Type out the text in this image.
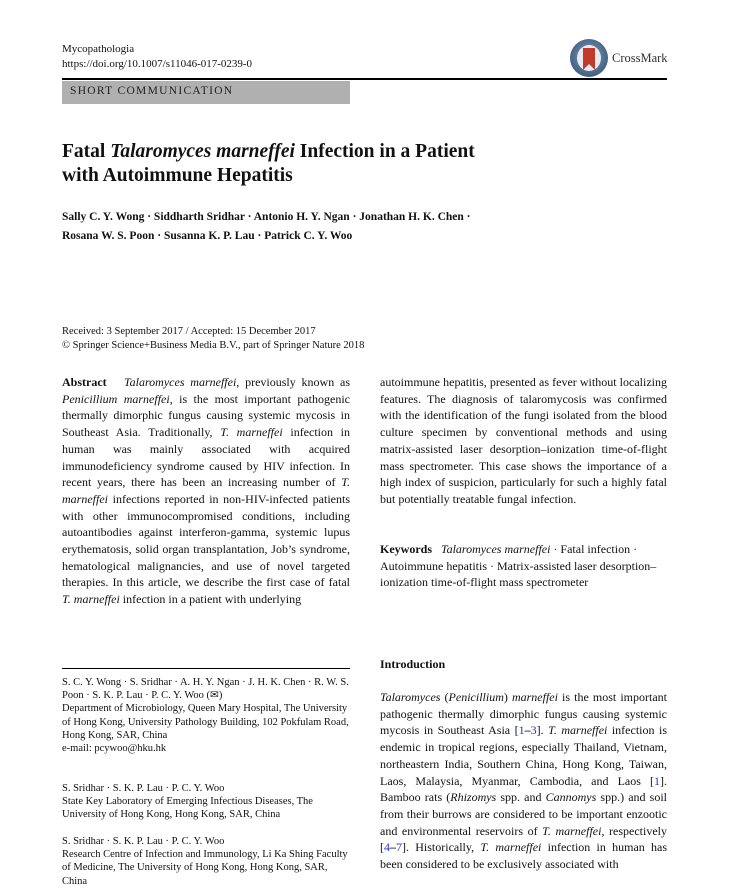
Mycopathologia
https://doi.org/10.1007/s11046-017-0239-0	CrossMark
SHORT COMMUNICATION
Fatal Talaromyces marneffei Infection in a Patient
with Autoimmune Hepatitis
Sally C. Y. Wong · Siddharth Sridhar · Antonio H. Y. Ngan · Jonathan H. K. Chen ·
Rosana W. S. Poon · Susanna K. P. Lau · Patrick C. Y. Woo
Received: 3 September 2017 / Accepted: 15 December 2017
© Springer Science+Business Media B.V., part of Springer Nature 2018
Abstract Talaromyces marneffei, previously known as Penicillium marneffei, is the most important pathogenic thermally dimorphic fungus causing systemic mycosis in Southeast Asia. Traditionally, T. marneffei infection in human was mainly associated with acquired immunodeficiency syndrome caused by HIV infection. In recent years, there has been an increasing number of T. marneffei infections reported in non-HIV-infected patients with other immunocompromised conditions, including autoantibodies against interferon-gamma, systemic lupus erythematosis, solid organ transplantation, Job’s syndrome, hematological malignancies, and use of novel targeted therapies. In this article, we describe the first case of fatal T. marneffei infection in a patient with underlying
autoimmune hepatitis, presented as fever without localizing features. The diagnosis of talaromycosis was confirmed with the identification of the fungi isolated from the blood culture specimen by conventional methods and using matrix-assisted laser desorption–ionization time-of-flight mass spectrometer. This case shows the importance of a high index of suspicion, particularly for such a highly fatal but potentially treatable fungal infection.
Keywords Talaromyces marneffei · Fatal infection · Autoimmune hepatitis · Matrix-assisted laser desorption–ionization time-of-flight mass spectrometer
S. C. Y. Wong · S. Sridhar · A. H. Y. Ngan · J. H. K. Chen · R. W. S. Poon · S. K. P. Lau · P. C. Y. Woo (✉)
Department of Microbiology, Queen Mary Hospital, The University of Hong Kong, University Pathology Building, 102 Pokfulam Road, Hong Kong, SAR, China
e-mail: pcywoo@hku.hk
S. Sridhar · S. K. P. Lau · P. C. Y. Woo
State Key Laboratory of Emerging Infectious Diseases, The University of Hong Kong, Hong Kong, SAR, China
S. Sridhar · S. K. P. Lau · P. C. Y. Woo
Research Centre of Infection and Immunology, Li Ka Shing Faculty of Medicine, The University of Hong Kong, Hong Kong, SAR, China
Introduction
Talaromyces (Penicillium) marneffei is the most important pathogenic thermally dimorphic fungus causing systemic mycosis in Southeast Asia [1–3]. T. marneffei infection is endemic in tropical regions, especially Thailand, Vietnam, northeastern India, Southern China, Hong Kong, Taiwan, Laos, Malaysia, Myanmar, Cambodia, and Laos [1]. Bamboo rats (Rhizomys spp. and Cannomys spp.) and soil from their burrows are considered to be important enzootic and environmental reservoirs of T. marneffei, respectively [4–7]. Historically, T. marneffei infection in human has been considered to be exclusively associated with
